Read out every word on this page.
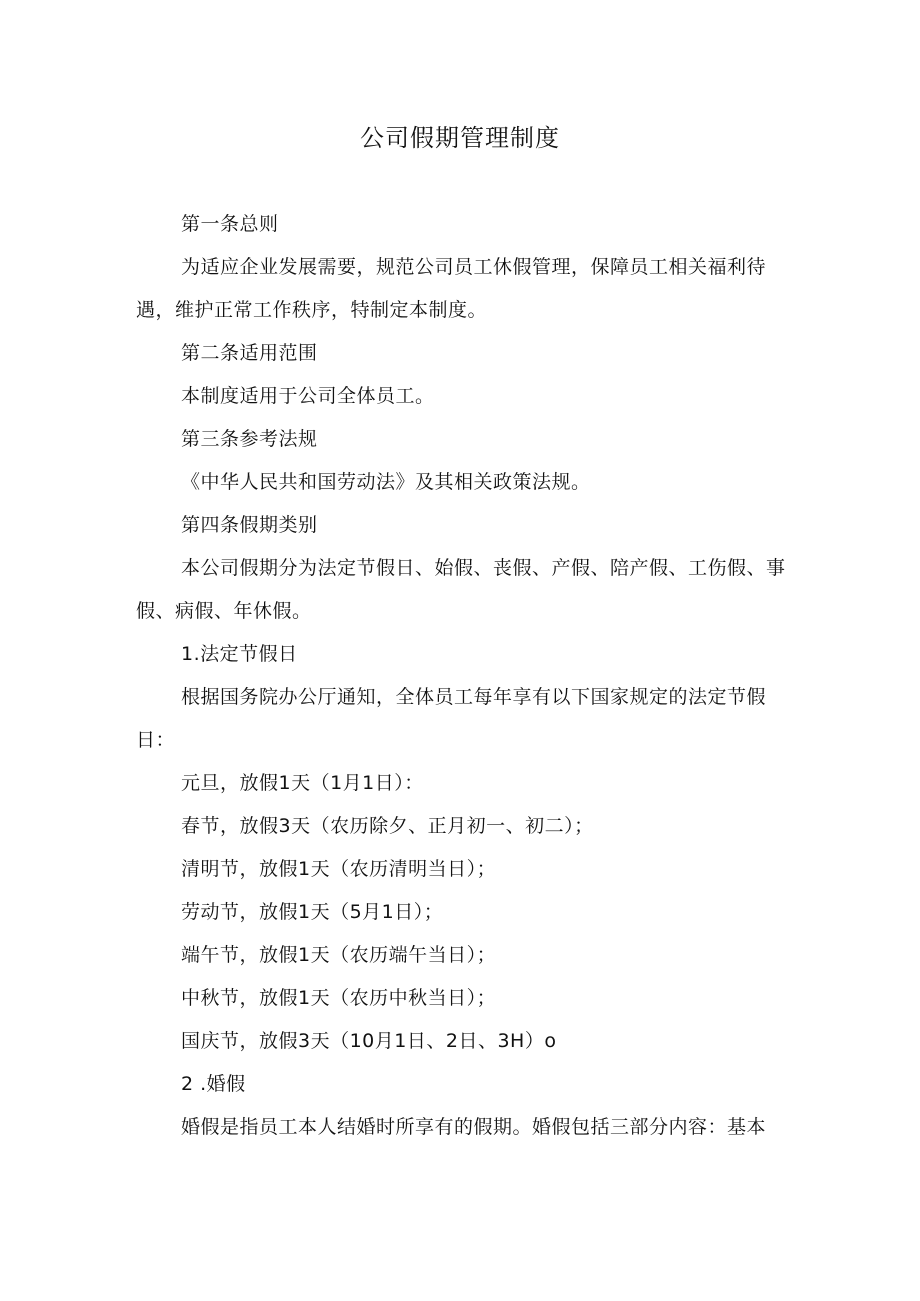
公司假期管理制度

第一条总则

为适应企业发展需要，规范公司员工休假管理，保障员工相关福利待遇，维护正常工作秩序，特制定本制度。

第二条适用范围

本制度适用于公司全体员工。

第三条参考法规

《中华人民共和国劳动法》及其相关政策法规。

第四条假期类别

本公司假期分为法定节假日、始假、丧假、产假、陪产假、工伤假、事假、病假、年休假。

1.法定节假日

根据国务院办公厅通知，全体员工每年享有以下国家规定的法定节假日：

元旦，放假1天（1月1日）：

春节，放假3天（农历除夕、正月初一、初二）；

清明节，放假1天（农历清明当日）；

劳动节，放假1天（5月1日）；

端午节，放假1天（农历端午当日）；

中秋节，放假1天（农历中秋当日）；

国庆节，放假3天（10月1日、2日、3H）o

2 .婚假

婚假是指员工本人结婚时所享有的假期。婚假包括三部分内容：基本
